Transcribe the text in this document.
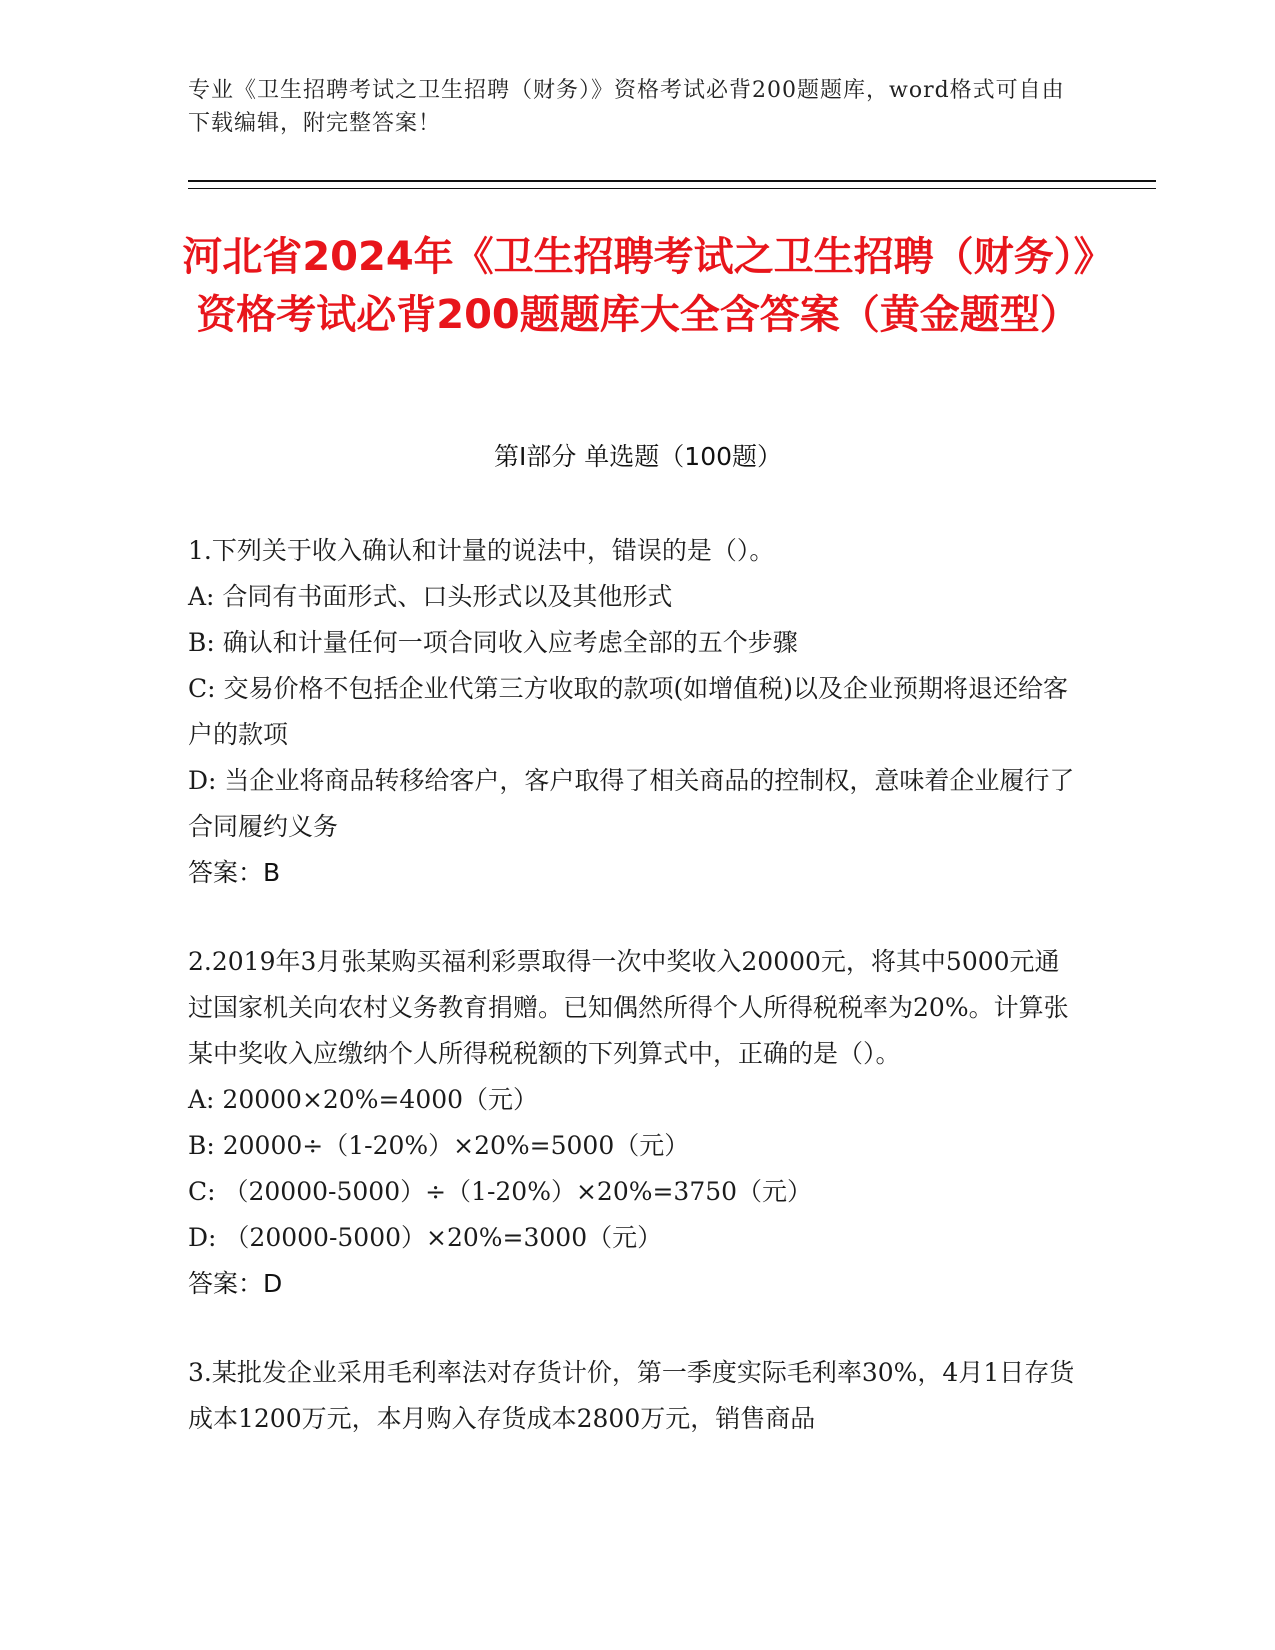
专业《卫生招聘考试之卫生招聘（财务）》资格考试必背200题题库，word格式可自由下载编辑，附完整答案！
河北省2024年《卫生招聘考试之卫生招聘（财务）》资格考试必背200题题库大全含答案（黄金题型）
第Ⅰ部分 单选题（100题）

1.下列关于收入确认和计量的说法中，错误的是（）。

A: 合同有书面形式、口头形式以及其他形式

B: 确认和计量任何一项合同收入应考虑全部的五个步骤

C: 交易价格不包括企业代第三方收取的款项(如增值税)以及企业预期将退还给客户的款项

D: 当企业将商品转移给客户，客户取得了相关商品的控制权，意味着企业履行了合同履约义务

答案：B

2.2019年3月张某购买福利彩票取得一次中奖收入20000元，将其中5000元通过国家机关向农村义务教育捐赠。已知偶然所得个人所得税税率为20%。计算张某中奖收入应缴纳个人所得税税额的下列算式中，正确的是（）。

A: 20000×20%=4000（元）

B: 20000÷（1-20%）×20%=5000（元）

C: （20000-5000）÷（1-20%）×20%=3750（元）

D: （20000-5000）×20%=3000（元）

答案：D

3.某批发企业采用毛利率法对存货计价，第一季度实际毛利率30%，4月1日存货成本1200万元，本月购入存货成本2800万元，销售商品
